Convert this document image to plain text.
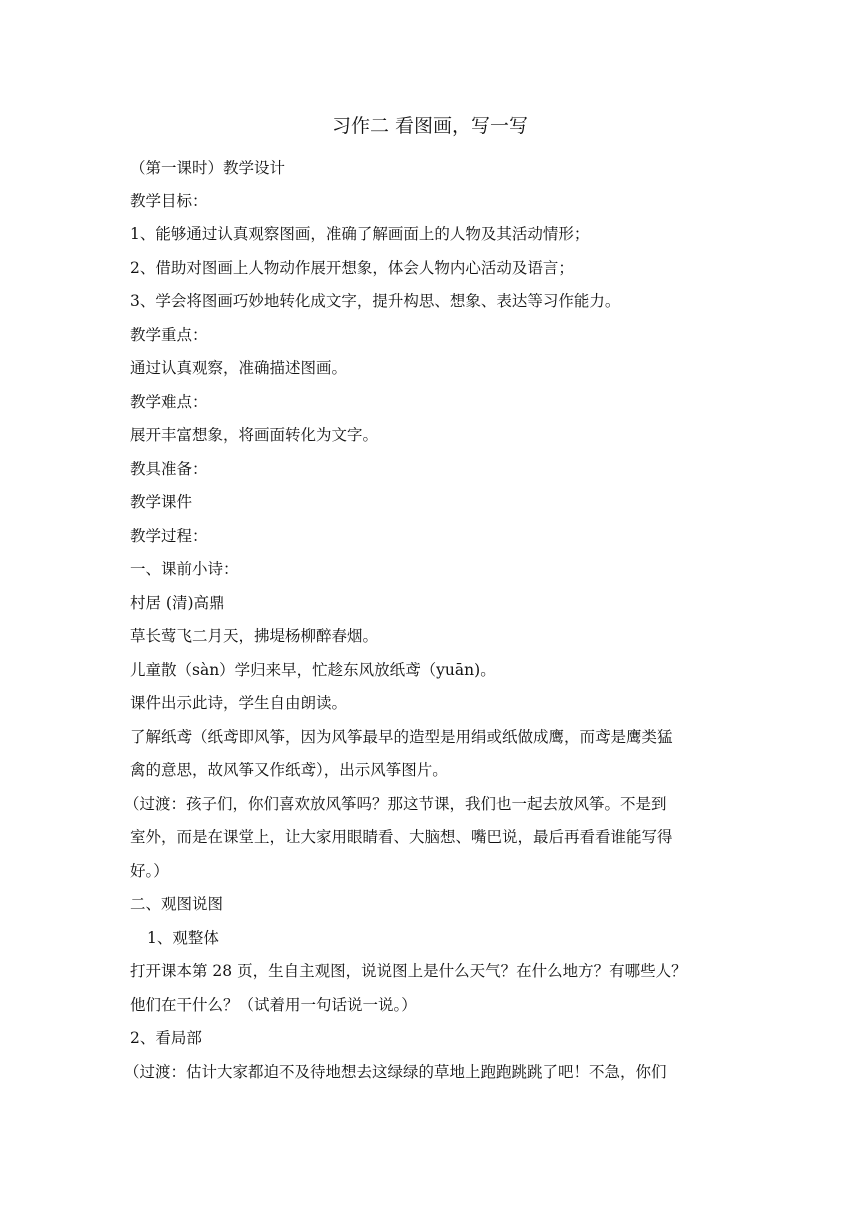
习作二 看图画，写一写
（第一课时）教学设计
教学目标：
1、能够通过认真观察图画，准确了解画面上的人物及其活动情形；
2、借助对图画上人物动作展开想象，体会人物内心活动及语言；
3、学会将图画巧妙地转化成文字，提升构思、想象、表达等习作能力。
教学重点：
通过认真观察，准确描述图画。
教学难点：
展开丰富想象，将画面转化为文字。
教具准备：
教学课件
教学过程：
一、课前小诗：
村居 (清)高鼎
草长莺飞二月天，拂堤杨柳醉春烟。
儿童散（sàn）学归来早，忙趁东风放纸鸢（yuān)。
课件出示此诗，学生自由朗读。
了解纸鸢（纸鸢即风筝，因为风筝最早的造型是用绢或纸做成鹰，而鸢是鹰类猛
禽的意思，故风筝又作纸鸢），出示风筝图片。
（过渡：孩子们，你们喜欢放风筝吗？那这节课，我们也一起去放风筝。不是到
室外，而是在课堂上，让大家用眼睛看、大脑想、嘴巴说，最后再看看谁能写得
好。）
二、观图说图
1、观整体
打开课本第 28 页，生自主观图，说说图上是什么天气？在什么地方？有哪些人？
他们在干什么？（试着用一句话说一说。）
2、看局部
（过渡：估计大家都迫不及待地想去这绿绿的草地上跑跑跳跳了吧！不急，你们
